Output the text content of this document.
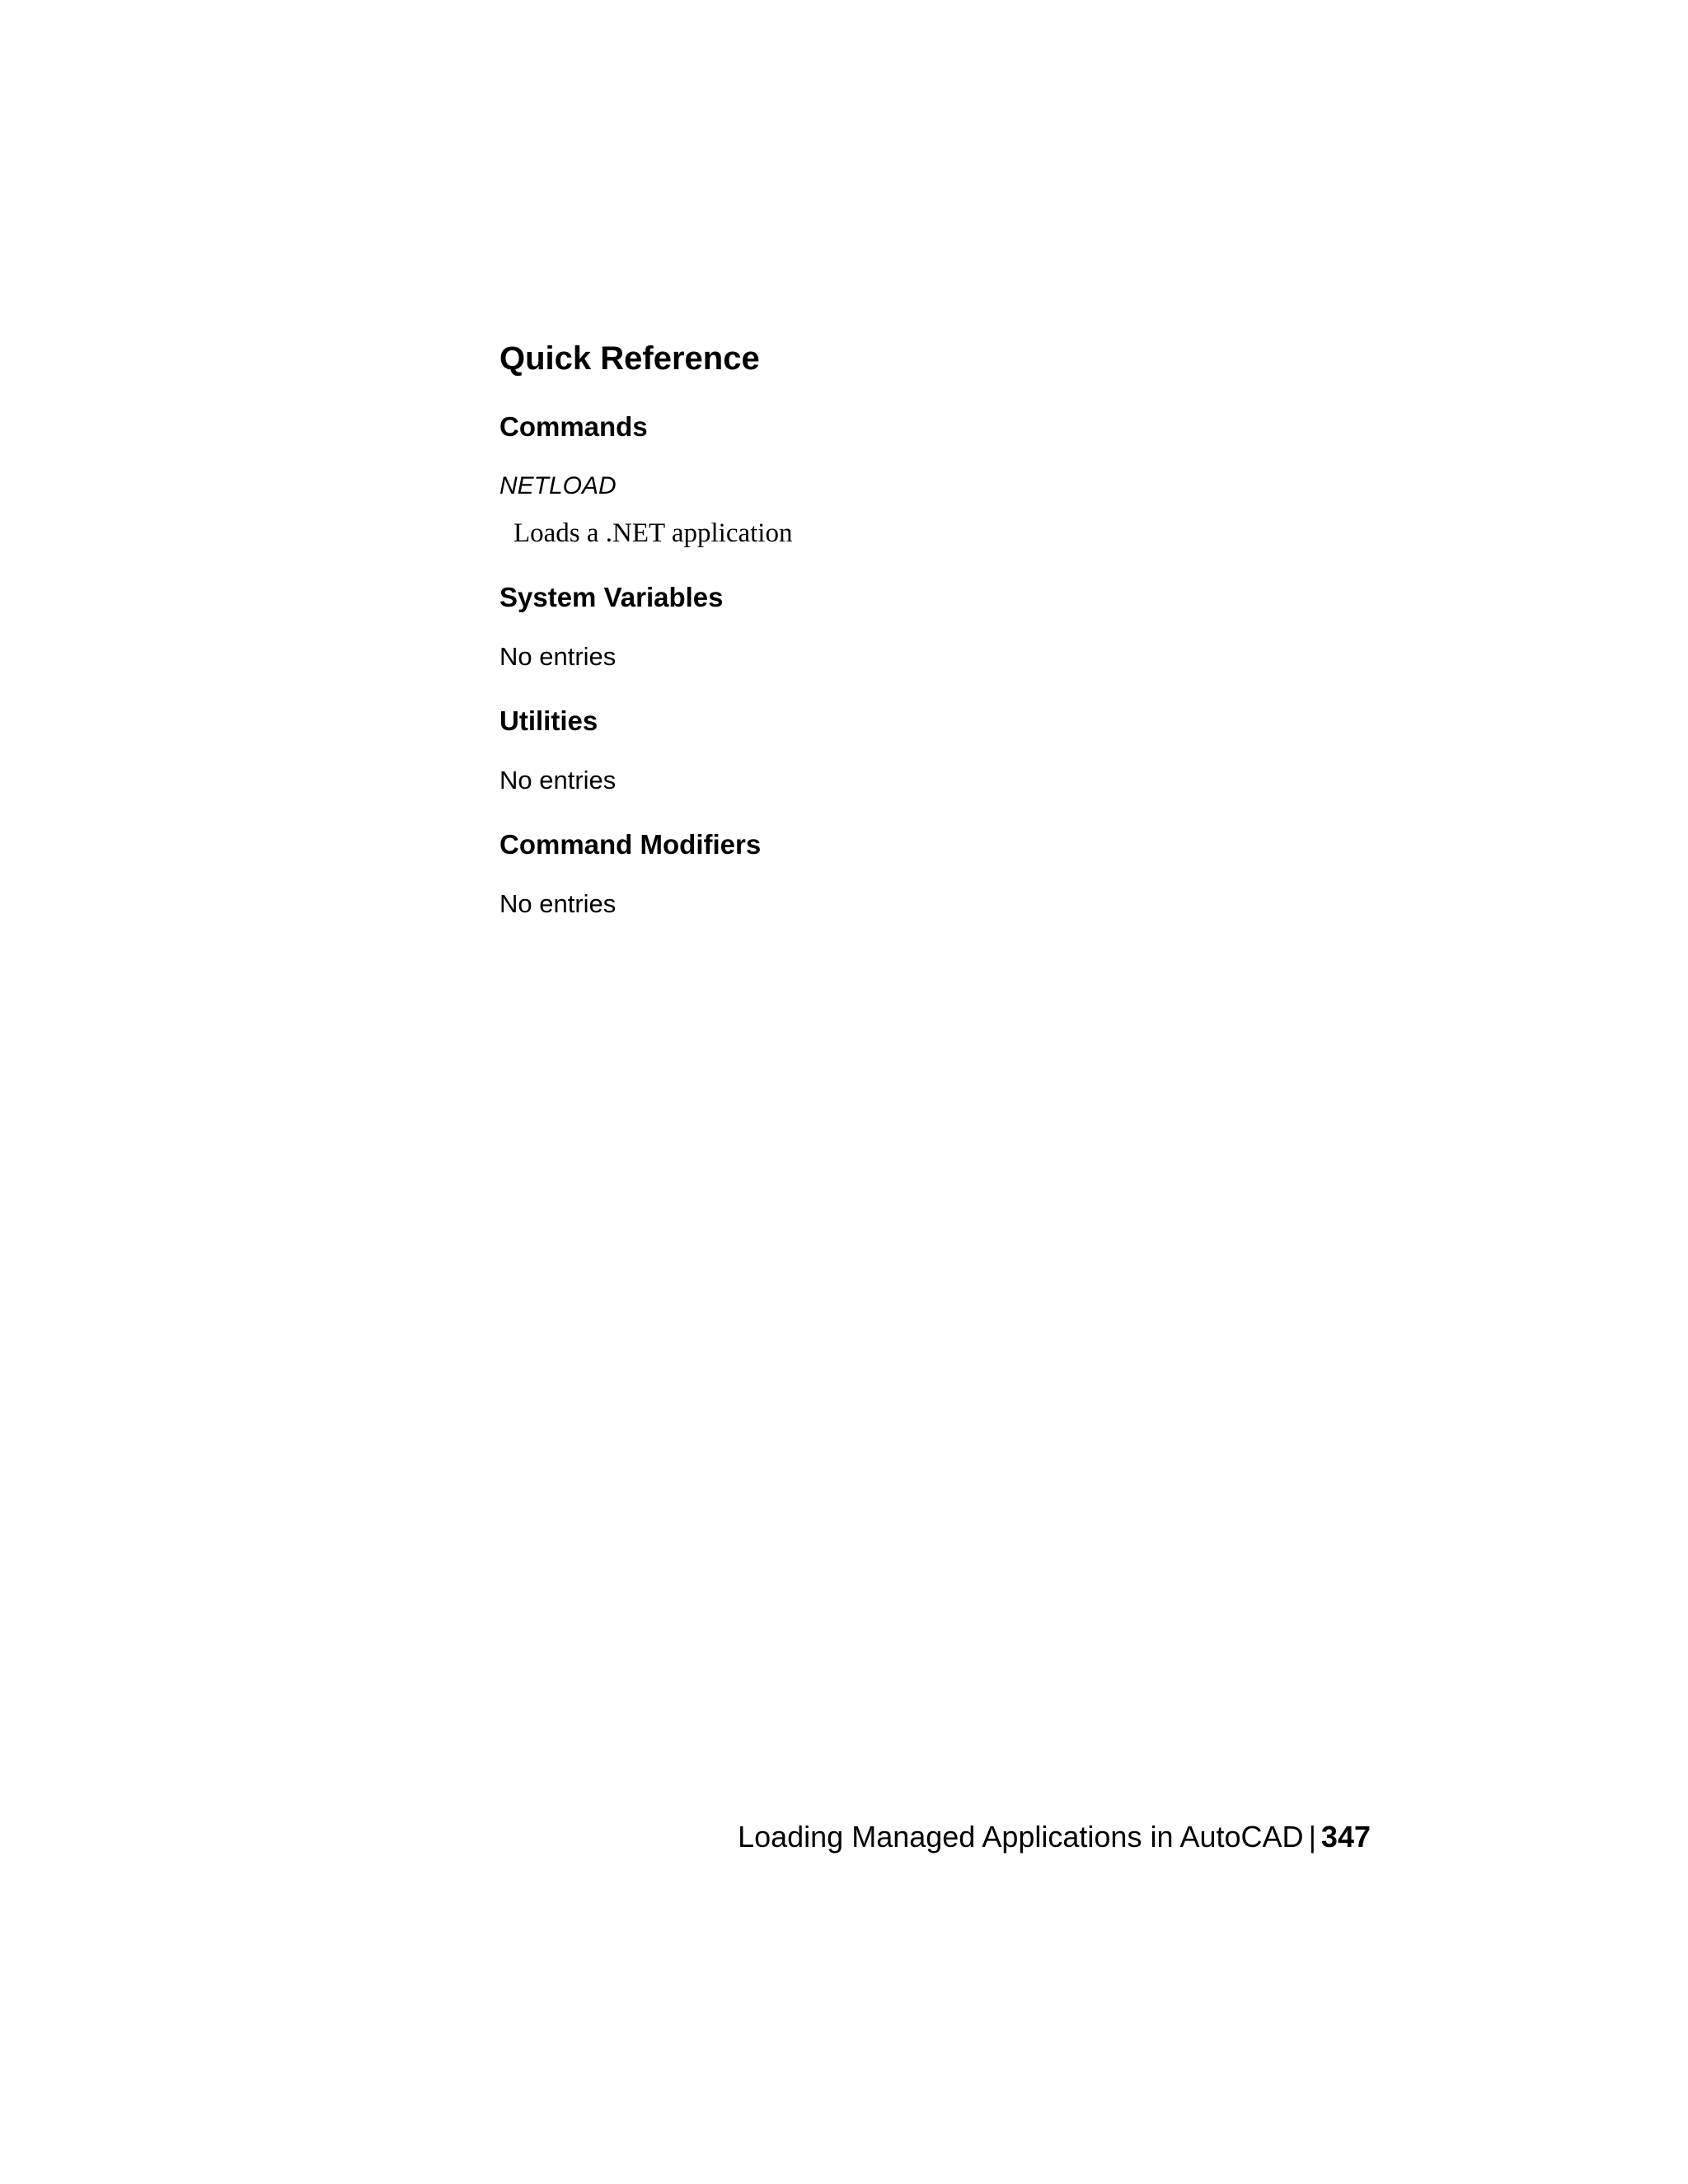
Quick Reference
Commands

NETLOAD

Loads a .NET application

System Variables

No entries

Utilities

No entries

Command Modifiers

No entries

Loading Managed Applications in AutoCAD | 347
